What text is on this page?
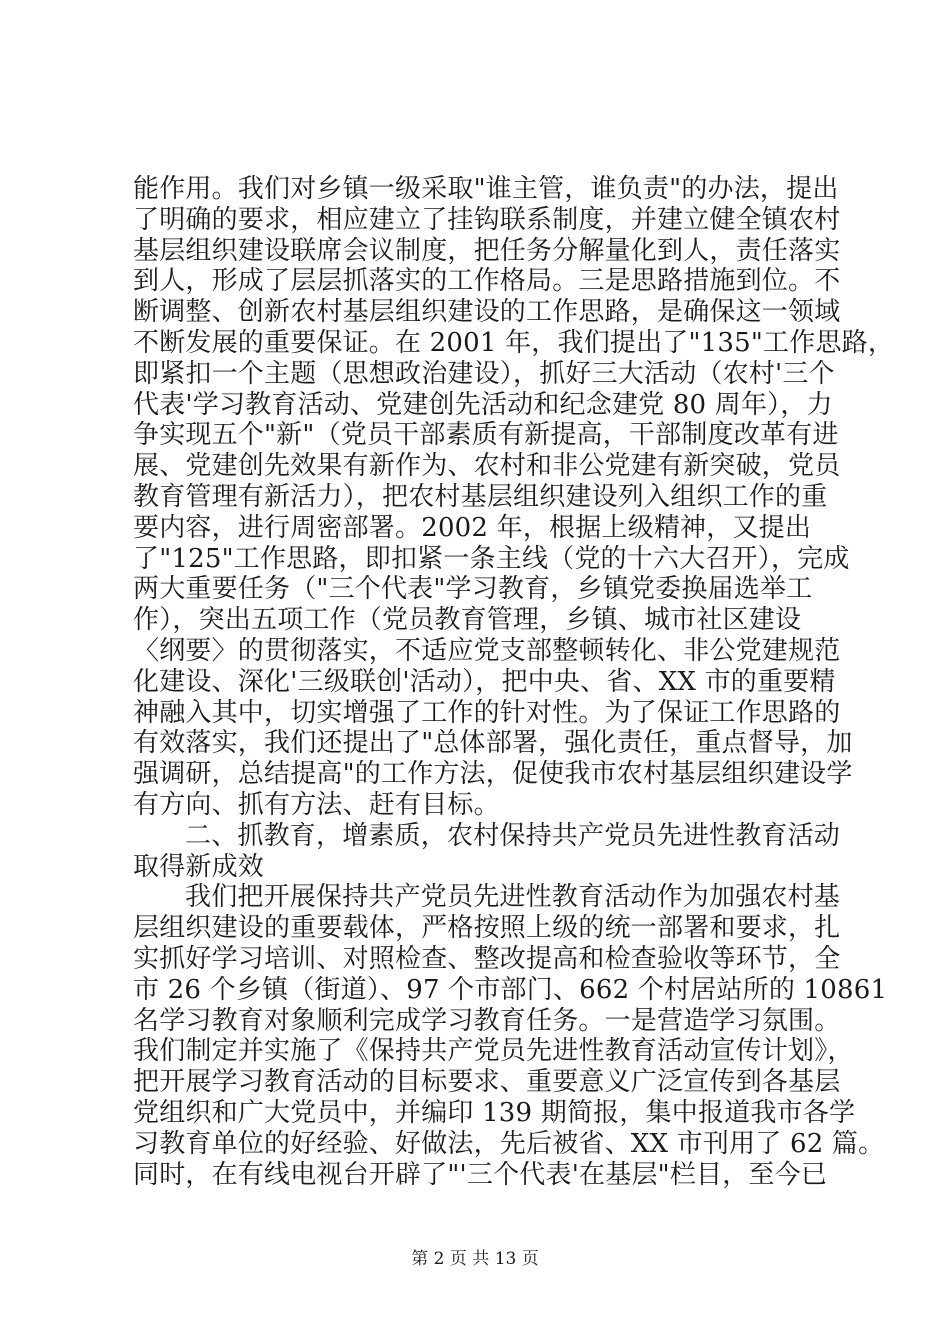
能作用。我们对乡镇一级采取"谁主管，谁负责"的办法，提出
了明确的要求，相应建立了挂钩联系制度，并建立健全镇农村
基层组织建设联席会议制度，把任务分解量化到人，责任落实
到人，形成了层层抓落实的工作格局。三是思路措施到位。不
断调整、创新农村基层组织建设的工作思路，是确保这一领域
不断发展的重要保证。在 2001 年，我们提出了"135"工作思路，
即紧扣一个主题（思想政治建设），抓好三大活动（农村'三个
代表'学习教育活动、党建创先活动和纪念建党 80 周年），力
争实现五个"新"（党员干部素质有新提高，干部制度改革有进
展、党建创先效果有新作为、农村和非公党建有新突破，党员
教育管理有新活力），把农村基层组织建设列入组织工作的重
要内容，进行周密部署。2002 年，根据上级精神，又提出
了"125"工作思路，即扣紧一条主线（党的十六大召开），完成
两大重要任务（"三个代表"学习教育，乡镇党委换届选举工
作），突出五项工作（党员教育管理，乡镇、城市社区建设
〈纲要〉的贯彻落实，不适应党支部整顿转化、非公党建规范
化建设、深化'三级联创'活动），把中央、省、XX 市的重要精
神融入其中，切实增强了工作的针对性。为了保证工作思路的
有效落实，我们还提出了"总体部署，强化责任，重点督导，加
强调研，总结提高"的工作方法，促使我市农村基层组织建设学
有方向、抓有方法、赶有目标。
二、抓教育，增素质，农村保持共产党员先进性教育活动
取得新成效
我们把开展保持共产党员先进性教育活动作为加强农村基
层组织建设的重要载体，严格按照上级的统一部署和要求，扎
实抓好学习培训、对照检查、整改提高和检查验收等环节，全
市 26 个乡镇（街道）、97 个市部门、662 个村居站所的 10861
名学习教育对象顺利完成学习教育任务。一是营造学习氛围。
我们制定并实施了《保持共产党员先进性教育活动宣传计划》，
把开展学习教育活动的目标要求、重要意义广泛宣传到各基层
党组织和广大党员中，并编印 139 期简报，集中报道我市各学
习教育单位的好经验、好做法，先后被省、XX 市刊用了 62 篇。
同时，在有线电视台开辟了"'三个代表'在基层"栏目，至今已
第 2 页 共 13 页
